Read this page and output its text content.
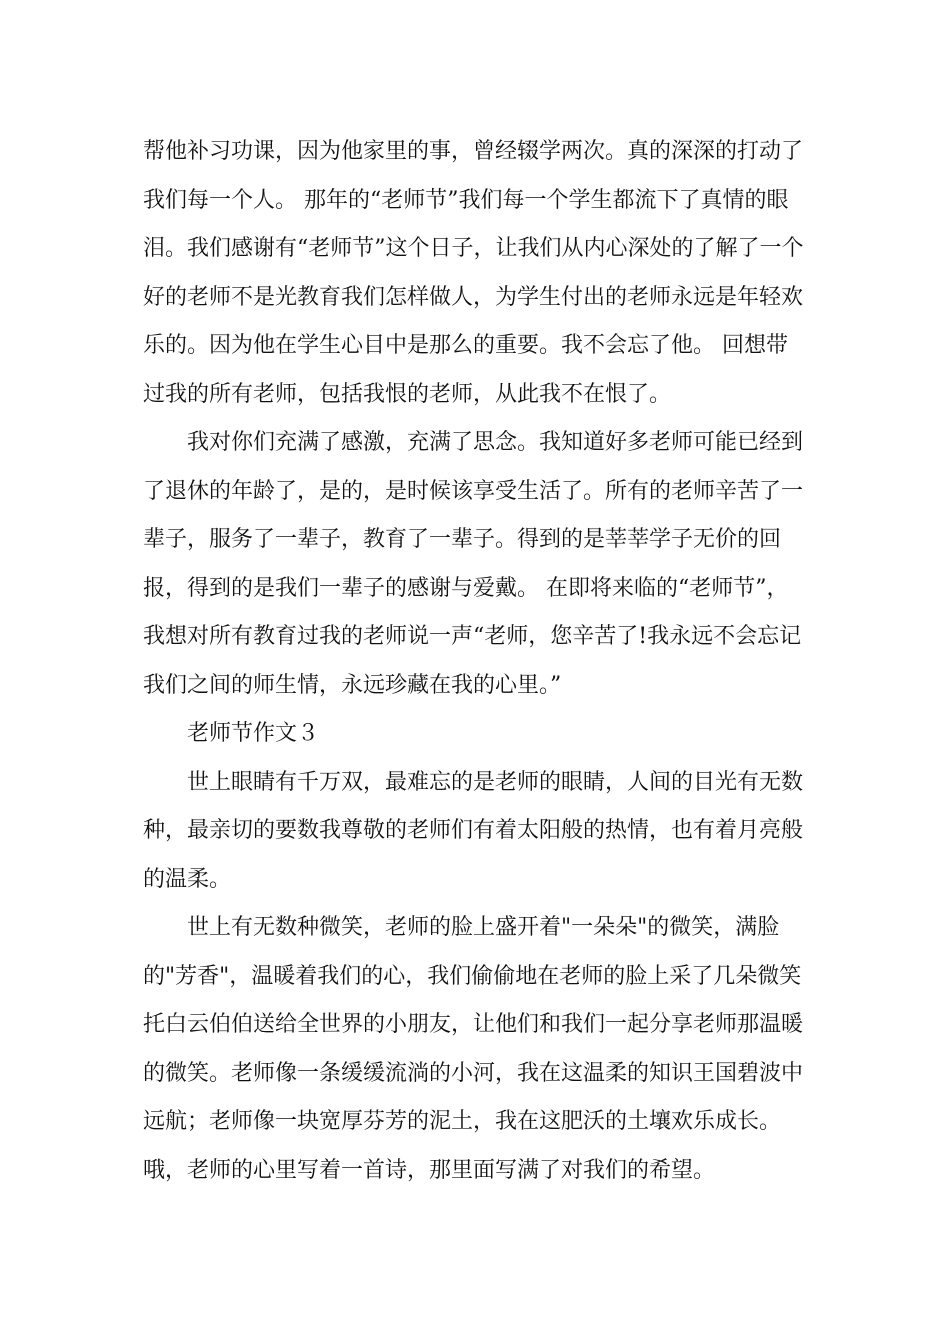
帮他补习功课，因为他家里的事，曾经辍学两次。真的深深的打动了我们每一个人。 那年的“老师节”我们每一个学生都流下了真情的眼泪。我们感谢有“老师节”这个日子，让我们从内心深处的了解了一个好的老师不是光教育我们怎样做人，为学生付出的老师永远是年轻欢乐的。因为他在学生心目中是那么的重要。我不会忘了他。 回想带过我的所有老师，包括我恨的老师，从此我不在恨了。

我对你们充满了感激，充满了思念。我知道好多老师可能已经到了退休的年龄了，是的，是时候该享受生活了。所有的老师辛苦了一辈子，服务了一辈子，教育了一辈子。得到的是莘莘学子无价的回报，得到的是我们一辈子的感谢与爱戴。 在即将来临的“老师节”，我想对所有教育过我的老师说一声“老师，您辛苦了!我永远不会忘记我们之间的师生情，永远珍藏在我的心里。”

老师节作文３

世上眼睛有千万双，最难忘的是老师的眼睛，人间的目光有无数种，最亲切的要数我尊敬的老师们有着太阳般的热情，也有着月亮般的温柔。

世上有无数种微笑，老师的脸上盛开着"一朵朵"的微笑，满脸的"芳香"，温暖着我们的心，我们偷偷地在老师的脸上采了几朵微笑托白云伯伯送给全世界的小朋友，让他们和我们一起分享老师那温暖的微笑。老师像一条缓缓流淌的小河，我在这温柔的知识王国碧波中远航；老师像一块宽厚芬芳的泥土，我在这肥沃的土壤欢乐成长。哦，老师的心里写着一首诗，那里面写满了对我们的希望。
